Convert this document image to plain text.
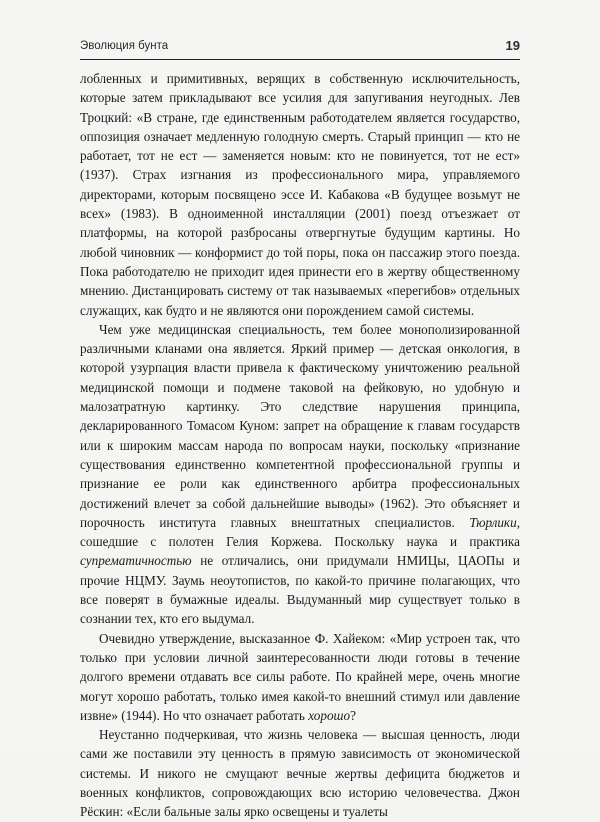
Эволюция бунта	19

лобленных и примитивных, верящих в собственную исключительность, которые затем прикладывают все усилия для запугивания неугодных. Лев Троцкий: «В стране, где единственным работодателем является государство, оппозиция означает медленную голодную смерть. Старый принцип — кто не работает, тот не ест — заменяется новым: кто не повинуется, тот не ест» (1937). Страх изгнания из профессионального мира, управляемого директорами, которым посвящено эссе И. Кабакова «В будущее возьмут не всех» (1983). В одноименной инсталляции (2001) поезд отъезжает от платформы, на которой разбросаны отвергнутые будущим картины. Но любой чиновник — конформист до той поры, пока он пассажир этого поезда. Пока работодателю не приходит идея принести его в жертву общественному мнению. Дистанцировать систему от так называемых «перегибов» отдельных служащих, как будто и не являются они порождением самой системы.

Чем уже медицинская специальность, тем более монополизированной различными кланами она является. Яркий пример — детская онкология, в которой узурпация власти привела к фактическому уничтожению реальной медицинской помощи и подмене таковой на фейковую, но удобную и малозатратную картинку. Это следствие нарушения принципа, декларированного Томасом Куном: запрет на обращение к главам государств или к широким массам народа по вопросам науки, поскольку «признание существования единственно компетентной профессиональной группы и признание ее роли как единственного арбитра профессиональных достижений влечет за собой дальнейшие выводы» (1962). Это объясняет и порочность института главных внештатных специалистов. Тюрлики, сошедшие с полотен Гелия Коржева. Поскольку наука и практика супрематичностью не отличались, они придумали НМИЦы, ЦАОПы и прочие НЦМУ. Заумь неоутопистов, по какой-то причине полагающих, что все поверят в бумажные идеалы. Выдуманный мир существует только в сознании тех, кто его выдумал.

Очевидно утверждение, высказанное Ф. Хайеком: «Мир устроен так, что только при условии личной заинтересованности люди готовы в течение долгого времени отдавать все силы работе. По крайней мере, очень многие могут хорошо работать, только имея какой-то внешний стимул или давление извне» (1944). Но что означает работать хорошо?

Неустанно подчеркивая, что жизнь человека — высшая ценность, люди сами же поставили эту ценность в прямую зависимость от экономической системы. И никого не смущают вечные жертвы дефицита бюджетов и военных конфликтов, сопровождающих всю историю человечества. Джон Рёскин: «Если бальные залы ярко освещены и туалеты
